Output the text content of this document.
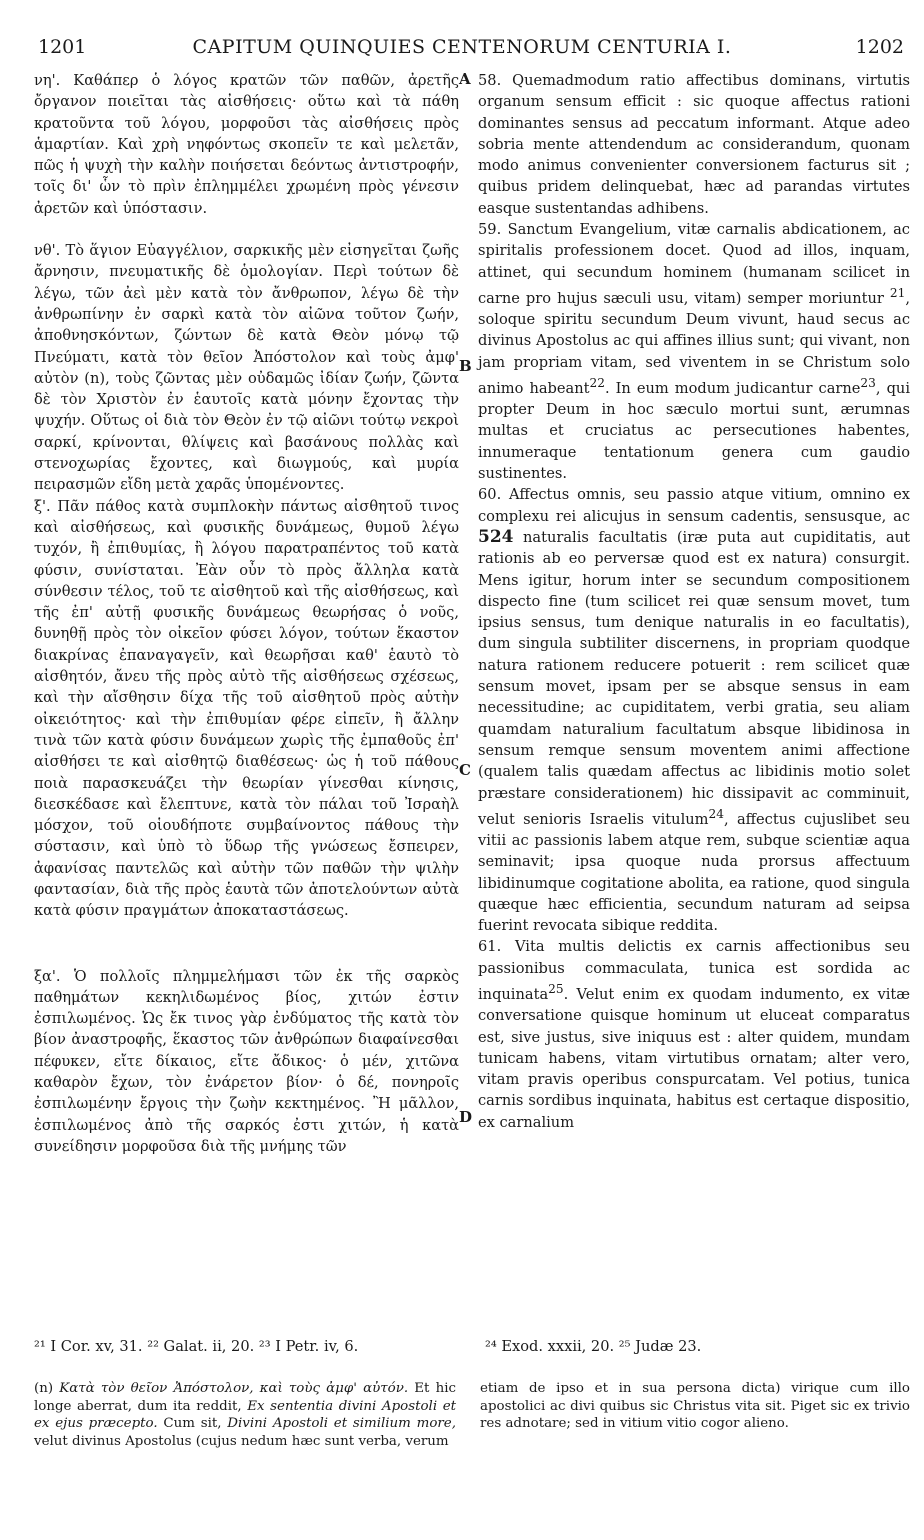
1201	CAPITUM QUINQUIES CENTENORUM CENTURIA I.	1202
A
B
C
D

νη'. Καθάπερ ὁ λόγος κρατῶν τῶν παθῶν, ἀρετῆς ὄργανον ποιεῖται τὰς αἰσθήσεις· οὕτω καὶ τὰ πάθη κρατοῦντα τοῦ λόγου, μορφοῦσι τὰς αἰσθήσεις πρὸς ἁμαρτίαν. Καὶ χρὴ νηφόντως σκοπεῖν τε καὶ μελετᾶν, πῶς ἡ ψυχὴ τὴν καλὴν ποιήσεται δεόντως ἀντιστροφήν, τοῖς δι' ὧν τὸ πρὶν ἐπλημμέλει χρωμένη πρὸς γένεσιν ἀρετῶν καὶ ὑπόστασιν.

νθ'. Τὸ ἅγιον Εὐαγγέλιον, σαρκικῆς μὲν εἰσηγεῖται ζωῆς ἄρνησιν, πνευματικῆς δὲ ὁμολογίαν. Περὶ τούτων δὲ λέγω, τῶν ἀεὶ μὲν κατὰ τὸν ἄνθρωπον, λέγω δὲ τὴν ἀνθρωπίνην ἐν σαρκὶ κατὰ τὸν αἰῶνα τοῦτον ζωήν, ἀποθνησκόντων, ζώντων δὲ κατὰ Θεὸν μόνῳ τῷ Πνεύματι, κατὰ τὸν θεῖον Ἀπόστολον καὶ τοὺς ἀμφ' αὐτὸν (n), τοὺς ζῶντας μὲν οὐδαμῶς ἰδίαν ζωήν, ζῶντα δὲ τὸν Χριστὸν ἐν ἑαυτοῖς κατὰ μόνην ἔχοντας τὴν ψυχήν. Οὕτως οἱ διὰ τὸν Θεὸν ἐν τῷ αἰῶνι τούτῳ νεκροὶ σαρκί, κρίνονται, θλίψεις καὶ βασάνους πολλὰς καὶ στενοχωρίας ἔχοντες, καὶ διωγμούς, καὶ μυρία πειρασμῶν εἴδη μετὰ χαρᾶς ὑπομένοντες.

ξ'. Πᾶν πάθος κατὰ συμπλοκὴν πάντως αἰσθητοῦ τινος καὶ αἰσθήσεως, καὶ φυσικῆς δυνάμεως, θυμοῦ λέγω τυχόν, ἢ ἐπιθυμίας, ἢ λόγου παρατραπέντος τοῦ κατὰ φύσιν, συνίσταται. Ἐὰν οὖν τὸ πρὸς ἄλληλα κατὰ σύνθεσιν τέλος, τοῦ τε αἰσθητοῦ καὶ τῆς αἰσθήσεως, καὶ τῆς ἐπ' αὐτῇ φυσικῆς δυνάμεως θεωρήσας ὁ νοῦς, δυνηθῇ πρὸς τὸν οἰκεῖον φύσει λόγον, τούτων ἕκαστον διακρίνας ἐπαναγαγεῖν, καὶ θεωρῆσαι καθ' ἑαυτὸ τὸ αἰσθητόν, ἄνευ τῆς πρὸς αὐτὸ τῆς αἰσθήσεως σχέσεως, καὶ τὴν αἴσθησιν δίχα τῆς τοῦ αἰσθητοῦ πρὸς αὐτὴν οἰκειότητος· καὶ τὴν ἐπιθυμίαν φέρε εἰπεῖν, ἢ ἄλλην τινὰ τῶν κατὰ φύσιν δυνάμεων χωρὶς τῆς ἐμπαθοῦς ἐπ' αἰσθήσει τε καὶ αἰσθητῷ διαθέσεως· ὡς ἡ τοῦ πάθους ποιὰ παρασκευάζει τὴν θεωρίαν γίνεσθαι κίνησις, διεσκέδασε καὶ ἔλεπτυνε, κατὰ τὸν πάλαι τοῦ Ἰσραὴλ μόσχον, τοῦ οἱουδήποτε συμβαίνοντος πάθους τὴν σύστασιν, καὶ ὑπὸ τὸ ὕδωρ τῆς γνώσεως ἔσπειρεν, ἀφανίσας παντελῶς καὶ αὐτὴν τῶν παθῶν τὴν ψιλὴν φαντασίαν, διὰ τῆς πρὸς ἑαυτὰ τῶν ἀποτελούντων αὐτὰ κατὰ φύσιν πραγμάτων ἀποκαταστάσεως.

ξα'. Ὁ πολλοῖς πλημμελήμασι τῶν ἐκ τῆς σαρκὸς παθημάτων κεκηλιδωμένος βίος, χιτών ἐστιν ἐσπιλωμένος. Ὡς ἔκ τινος γὰρ ἐνδύματος τῆς κατὰ τὸν βίον ἀναστροφῆς, ἕκαστος τῶν ἀνθρώπων διαφαίνεσθαι πέφυκεν, εἴτε δίκαιος, εἴτε ἄδικος· ὁ μέν, χιτῶνα καθαρὸν ἔχων, τὸν ἐνάρετον βίον· ὁ δέ, πονηροῖς ἐσπιλωμένην ἔργοις τὴν ζωὴν κεκτημένος. Ἢ μᾶλλον, ἐσπιλωμένος ἀπὸ τῆς σαρκός ἐστι χιτών, ἡ κατὰ συνείδησιν μορφοῦσα διὰ τῆς μνήμης τῶν

58. Quemadmodum ratio affectibus dominans, virtutis organum sensum efficit : sic quoque affectus rationi dominantes sensus ad peccatum informant. Atque adeo sobria mente attendendum ac considerandum, quonam modo animus convenienter conversionem facturus sit ; quibus pridem delinquebat, hæc ad parandas virtutes easque sustentandas adhibens.

59. Sanctum Evangelium, vitæ carnalis abdicationem, ac spiritalis professionem docet. Quod ad illos, inquam, attinet, qui secundum hominem (humanam scilicet in carne pro hujus sæculi usu, vitam) semper moriuntur $^{21}$, soloque spiritu secundum Deum vivunt, haud secus ac divinus Apostolus ac qui affines illius sunt; qui vivant, non jam propriam vitam, sed viventem in se Christum solo animo habeant$^{22}$. In eum modum judicantur carne$^{23}$, qui propter Deum in hoc sæculo mortui sunt, ærumnas multas et cruciatus ac persecutiones habentes, innumeraque tentationum genera cum gaudio sustinentes.

60. Affectus omnis, seu passio atque vitium, omnino ex complexu rei alicujus in sensum cadentis, sensusque, ac 524 naturalis facultatis (iræ puta aut cupiditatis, aut rationis ab eo perversæ quod est ex natura) consurgit. Mens igitur, horum inter se secundum compositionem dispecto fine (tum scilicet rei quæ sensum movet, tum ipsius sensus, tum denique naturalis in eo facultatis), dum singula subtiliter discernens, in propriam quodque natura rationem reducere potuerit : rem scilicet quæ sensum movet, ipsam per se absque sensus in eam necessitudine; ac cupiditatem, verbi gratia, seu aliam quamdam naturalium facultatum absque libidinosa in sensum remque sensum moventem animi affectione (qualem talis quædam affectus ac libidinis motio solet præstare considerationem) hic dissipavit ac comminuit, velut senioris Israelis vitulum$^{24}$, affectus cujuslibet seu vitii ac passionis labem atque rem, subque scientiæ aqua seminavit; ipsa quoque nuda prorsus affectuum libidinumque cogitatione abolita, ea ratione, quod singula quæque hæc efficientia, secundum naturam ad seipsa fuerint revocata sibique reddita.

61. Vita multis delictis ex carnis affectionibus seu passionibus commaculata, tunica est sordida ac inquinata$^{25}$. Velut enim ex quodam indumento, ex vitæ conversatione quisque hominum ut eluceat comparatus est, sive justus, sive iniquus est : alter quidem, mundam tunicam habens, vitam virtutibus ornatam; alter vero, vitam pravis operibus conspurcatam. Vel potius, tunica carnis sordibus inquinata, habitus est certaque dispositio, ex carnalium

²¹ I Cor. xv, 31. ²² Galat. ii, 20. ²³ I Petr. iv, 6.	²⁴ Exod. xxxii, 20. ²⁵ Judæ 23.

(n) Κατὰ τὸν θεῖον Ἀπόστολον, καὶ τοὺς ἀμφ' αὐτόν. Et hic longe aberrat, dum ita reddit, Ex sententia divini Apostoli et ex ejus præcepto. Cum sit, Divini Apostoli et similium more, velut divinus Apostolus (cujus nedum hæc sunt verba, verum

etiam de ipso et in sua persona dicta) virique cum illo apostolici ac divi quibus sic Christus vita sit. Piget sic ex trivio res adnotare; sed in vitium vitio cogor alieno.
